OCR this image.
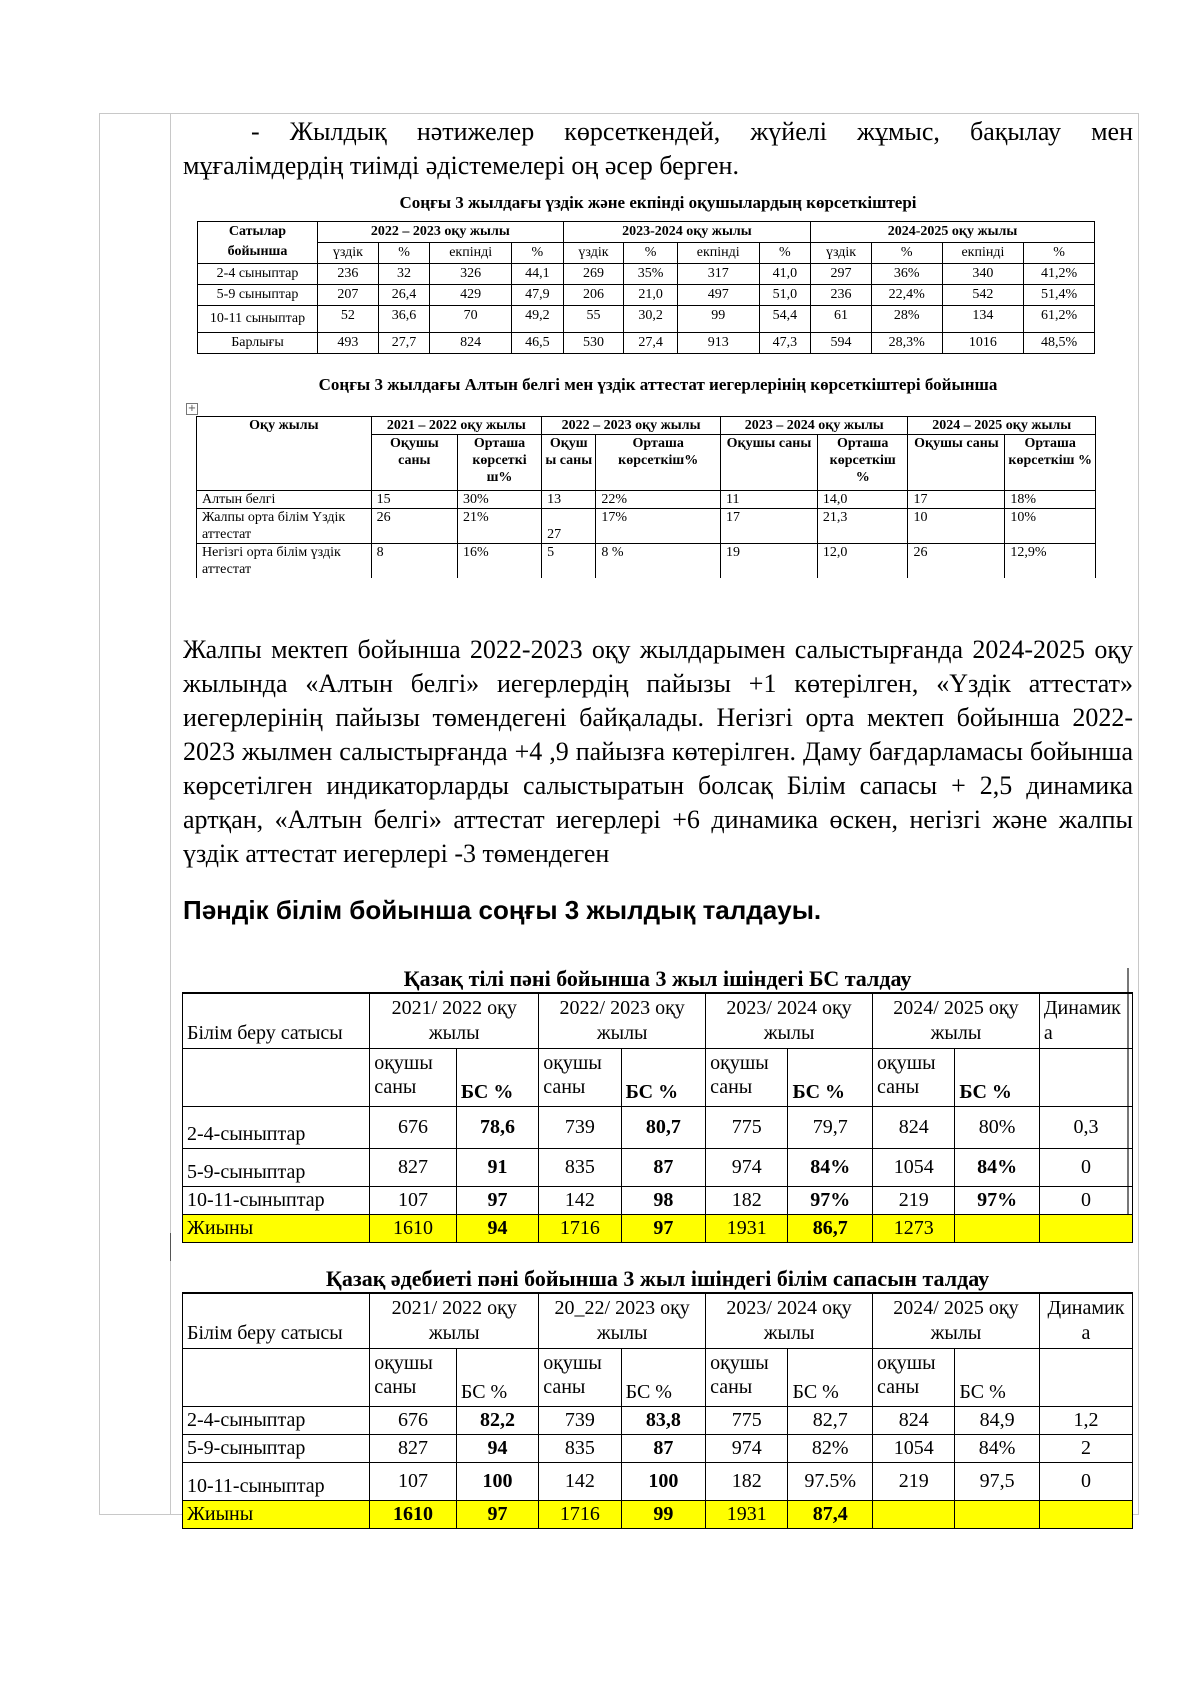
- Жылдық нәтижелер көрсеткендей, жүйелі жұмыс, бақылау мен мұғалімдердің тиімді әдістемелері оң әсер берген.

Соңғы 3 жылдағы үздік және екпінді оқушылардың көрсеткіштері

Сатылар бойынша	2022 – 2023 оқу жылы				2023-2024 оқу жылы				2024-2025 оқу жылы			
	үздік	%	екпінді	%	үздік	%	екпінді	%	үздік	%	екпінді	%
2-4 сыныптар	236	32	326	44,1	269	35%	317	41,0	297	36%	340	41,2%
5-9 сыныптар	207	26,4	429	47,9	206	21,0	497	51,0	236	22,4%	542	51,4%
10-11 сыныптар	52	36,6	70	49,2	55	30,2	99	54,4	61	28%	134	61,2%
Барлығы	493	27,7	824	46,5	530	27,4	913	47,3	594	28,3%	1016	48,5%

Соңғы 3 жылдағы Алтын белгі мен үздік аттестат иегерлерінің көрсеткіштері бойынша

+
Оқу жылы	2021 – 2022 оқу жылы		2022 – 2023 оқу жылы		2023 – 2024 оқу жылы		2024 – 2025 оқу жылы	
	Оқушы саны	Орташа көрсеткі ш%	Оқуш ы саны	Орташа көрсеткіш%	Оқушы саны	Орташа көрсеткіш %	Оқушы саны	Орташа көрсеткіш %
Алтын белгі	15	30%	13	22%	11	14,0	17	18%
Жалпы орта білім Үздік аттестат	26	21%	27	17%	17	21,3	10	10%
Негізгі орта білім үздік аттестат	8	16%	5	8 %	19	12,0	26	12,9%

Жалпы мектеп бойынша 2022-2023 оқу жылдарымен салыстырғанда 2024-2025 оқу жылында «Алтын белгі» иегерлердің пайызы +1 көтерілген, «Үздік аттестат» иегерлерінің пайызы төмендегені байқалады. Негізгі орта мектеп бойынша 2022-2023 жылмен салыстырғанда +4 ,9 пайызға көтерілген. Даму бағдарламасы бойынша көрсетілген индикаторларды салыстыратын болсақ Білім сапасы + 2,5 динамика артқан, «Алтын белгі» аттестат иегерлері +6 динамика өскен, негізгі және жалпы үздік аттестат иегерлері -3 төмендеген

Пәндік білім бойынша соңғы 3 жылдық талдауы.

Қазақ тілі пәні бойынша 3 жыл ішіндегі БС талдау									
Білім беру сатысы	2021/ 2022 оқу жылы		2022/ 2023 оқу жылы		2023/ 2024 оқу жылы		2024/ 2025 оқу жылы		Динамик а
	оқушы саны	БС %	оқушы саны	БС %	оқушы саны	БС %	оқушы саны	БС %	
2-4-сыныптар	676	78,6	739	80,7	775	79,7	824	80%	0,3
5-9-сыныптар	827	91	835	87	974	84%	1054	84%	0
10-11-сыныптар	107	97	142	98	182	97%	219	97%	0
Жиыны	1610	94	1716	97	1931	86,7	1273		
Қазақ әдебиеті пәні бойынша 3 жыл ішіндегі білім сапасын талдау									
Білім беру сатысы	2021/ 2022 оқу жылы		20_22/ 2023 оқу жылы		2023/ 2024 оқу жылы		2024/ 2025 оқу жылы		Динамик а
	оқушы саны	БС %	оқушы саны	БС %	оқушы саны	БС %	оқушы саны	БС %	
2-4-сыныптар	676	82,2	739	83,8	775	82,7	824	84,9	1,2
5-9-сыныптар	827	94	835	87	974	82%	1054	84%	2
10-11-сыныптар	107	100	142	100	182	97.5%	219	97,5	0
Жиыны	1610	97	1716	99	1931	87,4			
